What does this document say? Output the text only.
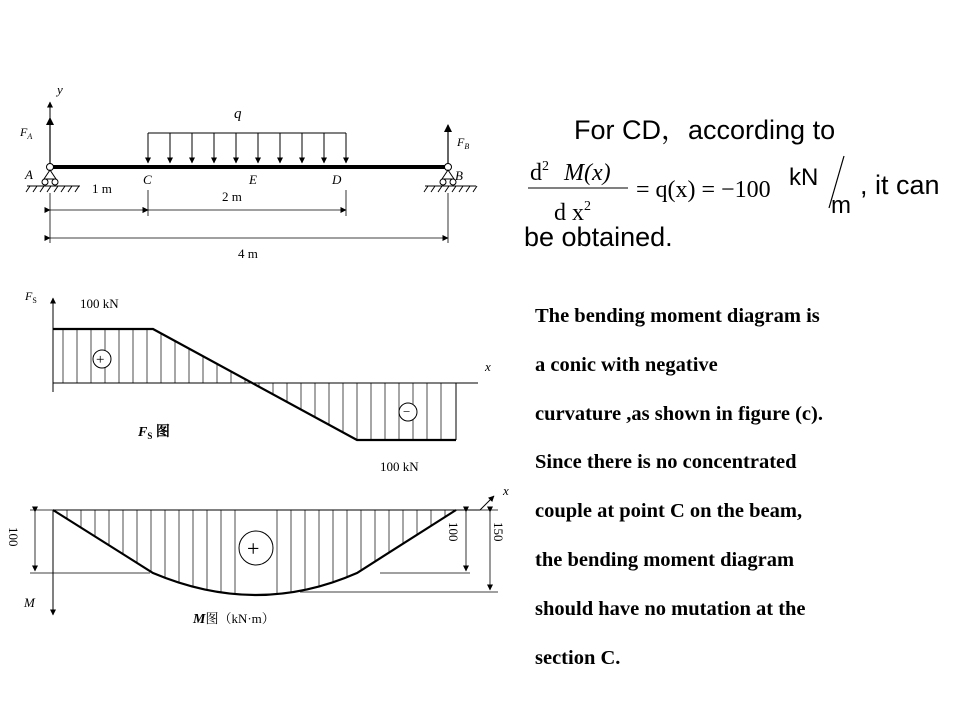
y
$F_A$	$F_B$
q
A	B
C	E	D
1 m
2 m
4 m
$F_S$
x
100 kN
100 kN
+
−
$F_S$ 图
x
M
100	100 150
+
M图（kN·m）
For CD，according to
be obtained.
$d^2$ M(x)
d $x^2$
= q(x) = −100 kN
m
, it can
The bending moment diagram is
a conic with negative
curvature ,as shown in figure (c).
Since there is no concentrated
couple at point C on the beam,
the bending moment diagram
should have no mutation at the
section C.
